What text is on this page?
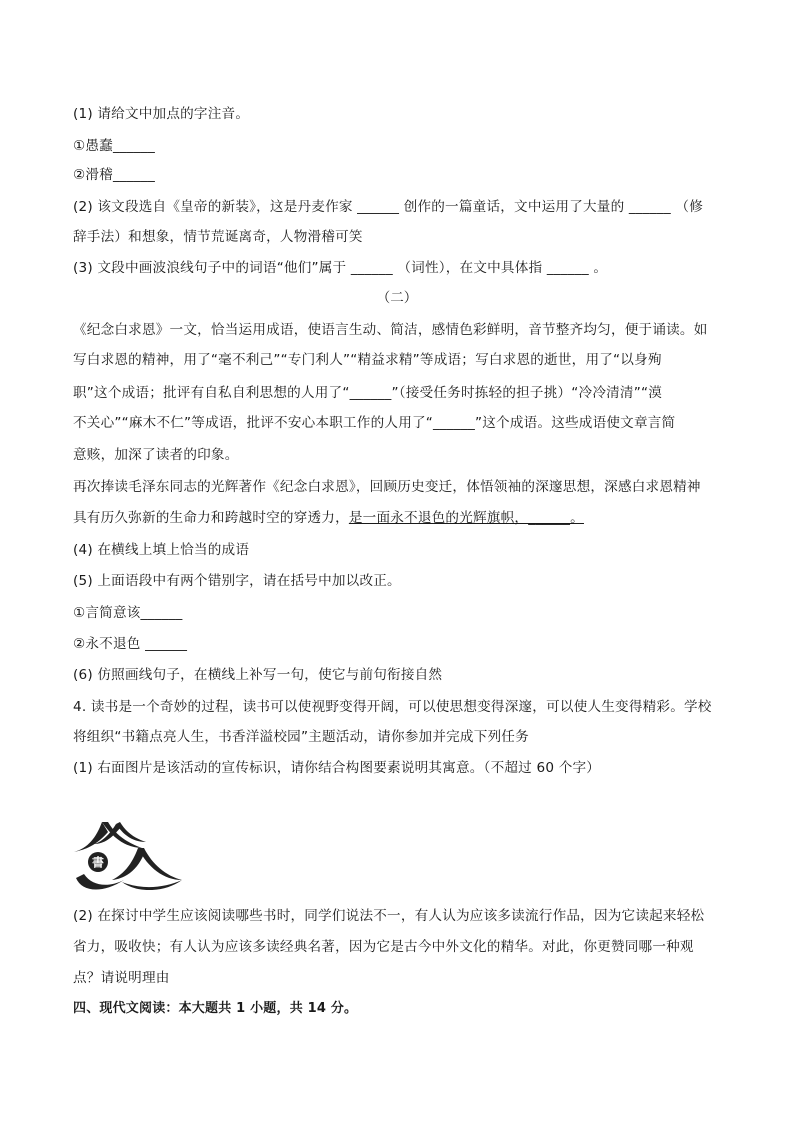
(1) 请给文中加点的字注音。
①愚蠢______
②滑稽______
(2) 该文段选自《皇帝的新装》，这是丹麦作家 ______ 创作的一篇童话，文中运用了大量的 ______ （修
辞手法）和想象，情节荒诞离奇，人物滑稽可笑
(3) 文段中画波浪线句子中的词语“他们”属于 ______ （词性），在文中具体指 ______ 。
（二）
《纪念白求恩》一文，恰当运用成语，使语言生动、简洁，感情色彩鲜明，音节整齐均匀，便于诵读。如
写白求恩的精神，用了“毫不利己”“专门利人”“精益求精”等成语；写白求恩的逝世，用了“以身殉
职”这个成语；批评有自私自利思想的人用了“______”（接受任务时拣轻的担子挑）“冷冷清清”“漠
不关心”“麻木不仁”等成语，批评不安心本职工作的人用了“______”这个成语。这些成语使文章言简
意赅，加深了读者的印象。
再次捧读毛泽东同志的光辉著作《纪念白求恩》，回顾历史变迁，体悟领袖的深邃思想，深感白求恩精神
具有历久弥新的生命力和跨越时空的穿透力，是一面永不退色的光辉旗帜，______。
(4) 在横线上填上恰当的成语
(5) 上面语段中有两个错别字，请在括号中加以改正。
①言简意该______
②永不退色 ______
(6) 仿照画线句子，在横线上补写一句，使它与前句衔接自然
4. 读书是一个奇妙的过程，读书可以使视野变得开阔，可以使思想变得深邃，可以使人生变得精彩。学校
将组织“书籍点亮人生，书香洋溢校园”主题活动，请你参加并完成下列任务
(1) 右面图片是该活动的宣传标识，请你结合构图要素说明其寓意。（不超过 60 个字）
書
(2) 在探讨中学生应该阅读哪些书时，同学们说法不一，有人认为应该多读流行作品，因为它读起来轻松
省力，吸收快；有人认为应该多读经典名著，因为它是古今中外文化的精华。对此，你更赞同哪一种观
点？请说明理由
四、现代文阅读：本大题共 1 小题，共 14 分。
